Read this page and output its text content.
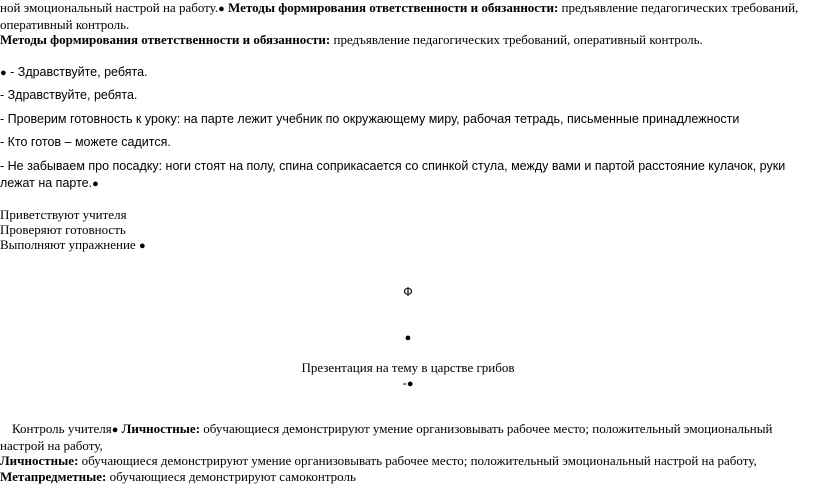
ной эмоциональный настрой на работу.● Методы формирования ответственности и обязанности: предъявление педагогических требований, оперативный контроль.
Методы формирования ответственности и обязанности: предъявление педагогических требований, оперативный контроль.
● - Здравствуйте, ребята.
- Здравствуйте, ребята.
- Проверим готовность к уроку: на парте лежит учебник по окружающему миру, рабочая тетрадь, письменные принадлежности
- Кто готов – можете садится.
- Не забываем про посадку: ноги стоят на полу, спина соприкасается со спинкой стула, между вами и партой расстояние кулачок, руки лежат на парте.●
Приветствуют учителя
Проверяют готовность
Выполняют упражнение ●
Ф
●
Презентация на тему в царстве грибов
-●
Контроль учителя● Личностные: обучающиеся демонстрируют умение организовывать рабочее место; положительный эмоциональный настрой на работу,
Личностные: обучающиеся демонстрируют умение организовывать рабочее место; положительный эмоциональный настрой на работу,
Метапредметные: обучающиеся демонстрируют самоконтроль
